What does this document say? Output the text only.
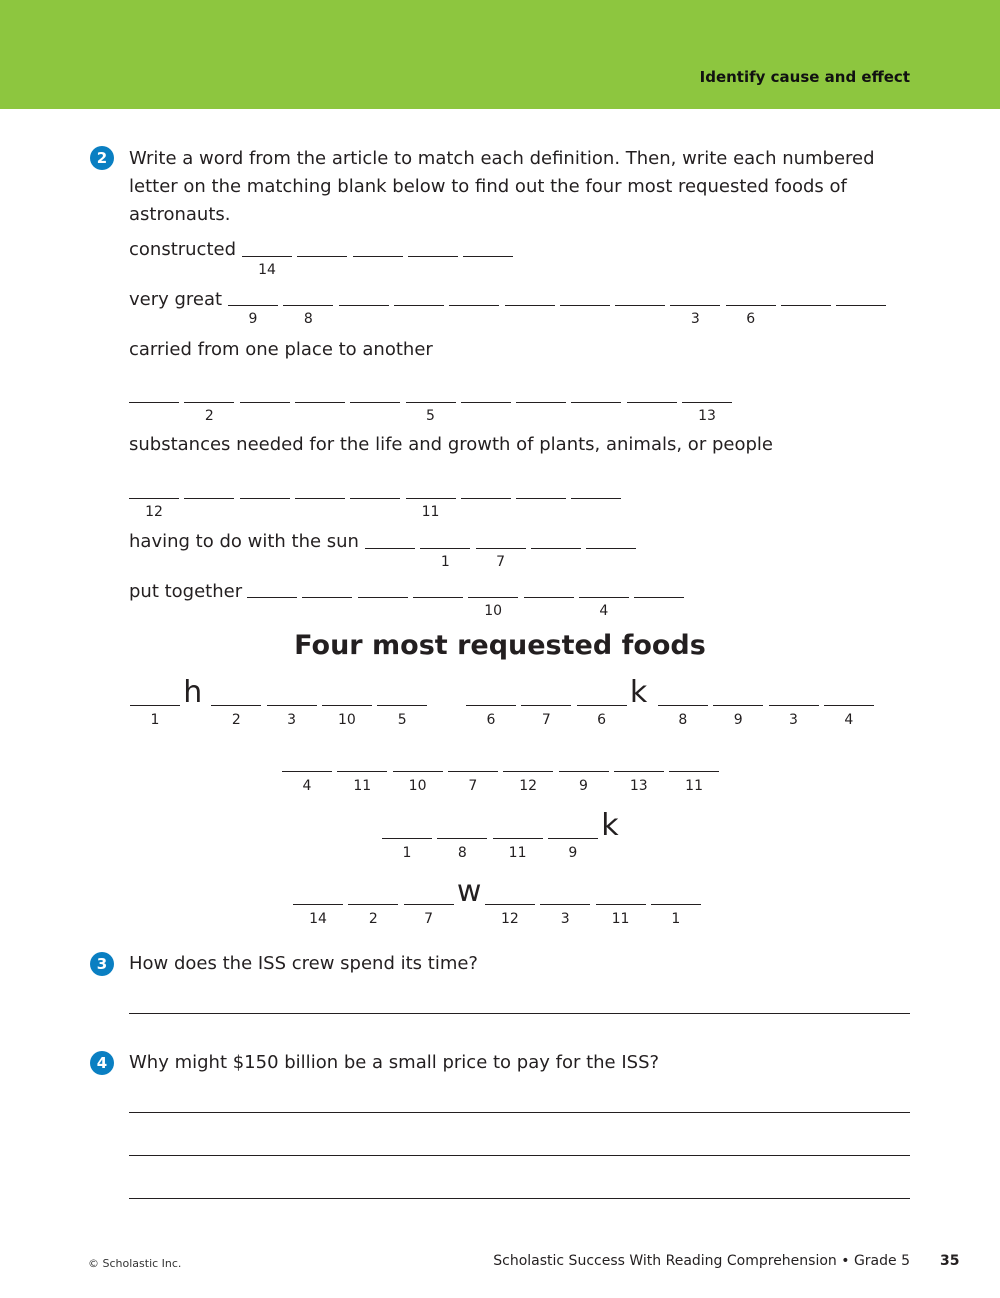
Identify cause and effect
2	Write a word from the article to match each definition. Then, write each numbered letter on the matching blank below to find out the four most requested foods of astronauts.
constructed
very great
carried from one place to another
substances needed for the life and growth of plants, animals, or people
having to do with the sun
put together
14
9	8	3	6
2	5	13
12	11
1	7
10	4
1
h
2	3	10	5	6	7	6
k
8	9	3	4
4	11	10	7	12	9	13	11
1	8	11	9
k
14	2	7
w
12	3	11	1
Four most requested foods
3	How does the ISS crew spend its time?
4	Why might $150 billion be a small price to pay for the ISS?
© Scholastic Inc.	Scholastic Success With Reading Comprehension • Grade 5 35
